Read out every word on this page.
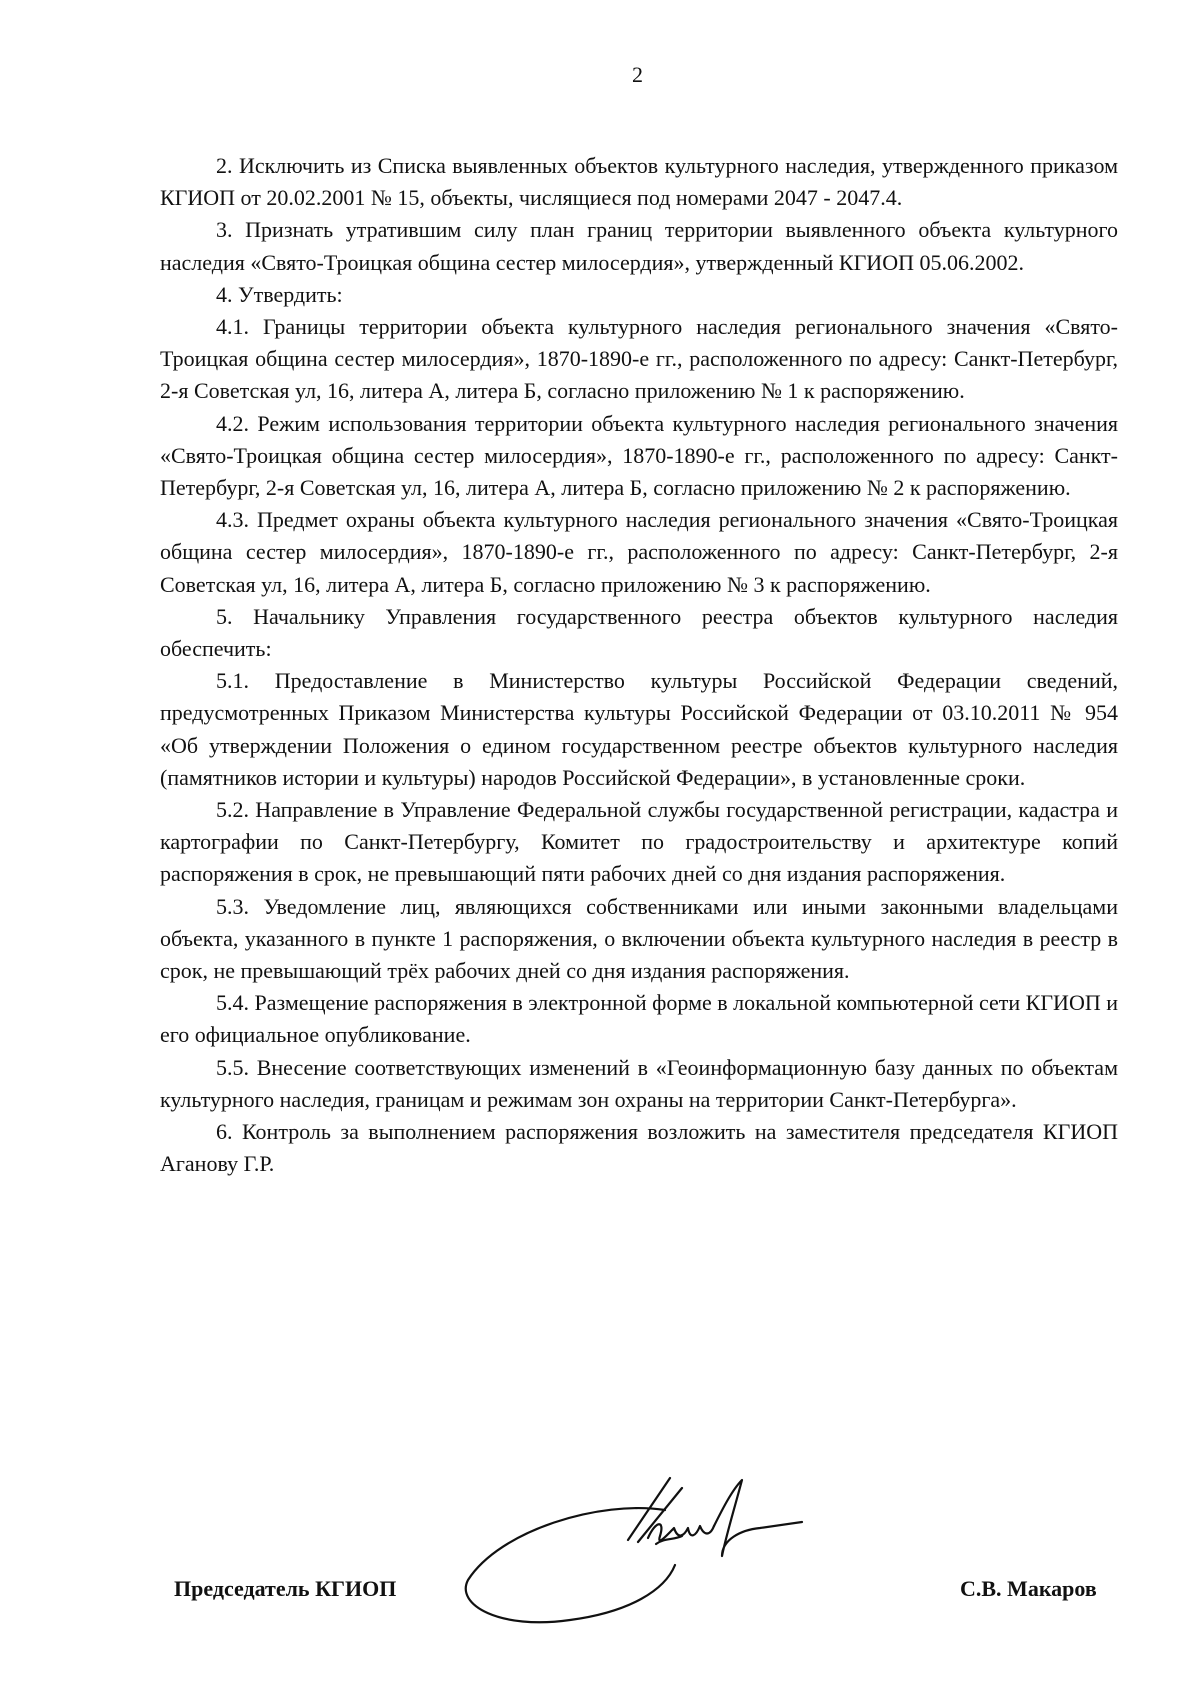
2

2. Исключить из Списка выявленных объектов культурного наследия, утвержденного приказом КГИОП от 20.02.2001 № 15, объекты, числящиеся под номерами 2047 - 2047.4.

3. Признать утратившим силу план границ территории выявленного объекта культурного наследия «Свято-Троицкая община сестер милосердия», утвержденный КГИОП 05.06.2002.

4. Утвердить:

4.1. Границы территории объекта культурного наследия регионального значения «Свято-Троицкая община сестер милосердия», 1870-1890-е гг., расположенного по адресу: Санкт-Петербург, 2-я Советская ул, 16, литера А, литера Б, согласно приложению № 1 к распоряжению.

4.2. Режим использования территории объекта культурного наследия регионального значения «Свято-Троицкая община сестер милосердия», 1870-1890-е гг., расположенного по адресу: Санкт-Петербург, 2-я Советская ул, 16, литера А, литера Б, согласно приложению № 2 к распоряжению.

4.3. Предмет охраны объекта культурного наследия регионального значения «Свято-Троицкая община сестер милосердия», 1870-1890-е гг., расположенного по адресу: Санкт-Петербург, 2-я Советская ул, 16, литера А, литера Б, согласно приложению № 3 к распоряжению.

5. Начальнику Управления государственного реестра объектов культурного наследия обеспечить:

5.1. Предоставление в Министерство культуры Российской Федерации сведений, предусмотренных Приказом Министерства культуры Российской Федерации от 03.10.2011 № 954 «Об утверждении Положения о едином государственном реестре объектов культурного наследия (памятников истории и культуры) народов Российской Федерации», в установленные сроки.

5.2. Направление в Управление Федеральной службы государственной регистрации, кадастра и картографии по Санкт-Петербургу, Комитет по градостроительству и архитектуре копий распоряжения в срок, не превышающий пяти рабочих дней со дня издания распоряжения.

5.3. Уведомление лиц, являющихся собственниками или иными законными владельцами объекта, указанного в пункте 1 распоряжения, о включении объекта культурного наследия в реестр в срок, не превышающий трёх рабочих дней со дня издания распоряжения.

5.4. Размещение распоряжения в электронной форме в локальной компьютерной сети КГИОП и его официальное опубликование.

5.5. Внесение соответствующих изменений в «Геоинформационную базу данных по объектам культурного наследия, границам и режимам зон охраны на территории Санкт-Петербурга».

6. Контроль за выполнением распоряжения возложить на заместителя председателя КГИОП Аганову Г.Р.

Председатель КГИОП	С.В. Макаров
